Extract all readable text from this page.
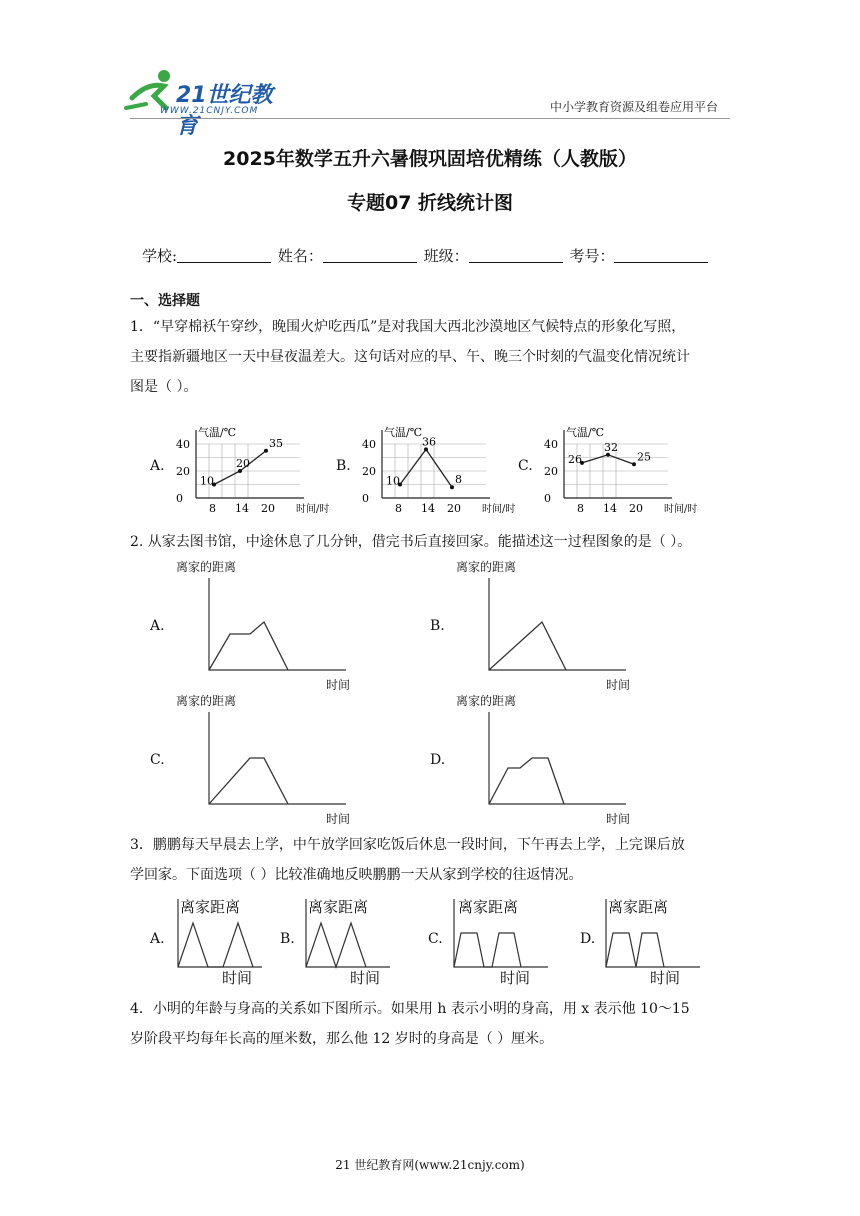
21世纪教育
WWW.21CNJY.COM	中小学教育资源及组卷应用平台
2025年数学五升六暑假巩固培优精练（人教版）
专题07 折线统计图
学校:	姓名：	班级：	考号：
一、选择题
1．“早穿棉袄午穿纱，晚围火炉吃西瓜”是对我国大西北沙漠地区气候特点的形象化写照，
主要指新疆地区一天中昼夜温差大。这句话对应的早、午、晚三个时刻的气温变化情况统计
图是（ ）。
A.
气温/℃
时间/时
0
20
40
8 14 20
10
20
35
B.
气温/℃
时间/时
0
20
40
8 14 20
10
36
8
C.
气温/℃
时间/时
0
20
40
8 14 20
26
32
25
2. 从家去图书馆，中途休息了几分钟，借完书后直接回家。能描述这一过程图象的是（ ）。
A.
离家的距离
时间
B.
离家的距离
时间
C.
离家的距离
时间
D.
离家的距离
时间
3．鹏鹏每天早晨去上学，中午放学回家吃饭后休息一段时间，下午再去上学，上完课后放
学回家。下面选项（ ）比较准确地反映鹏鹏一天从家到学校的往返情况。
A.
离家距离
时间
B.
离家距离
时间
C.
离家距离
时间
D.
离家距离
时间
4．小明的年龄与身高的关系如下图所示。如果用 h 表示小明的身高，用 x 表示他 10～15
岁阶段平均每年长高的厘米数，那么他 12 岁时的身高是（ ）厘米。
21 世纪教育网(www.21cnjy.com)
